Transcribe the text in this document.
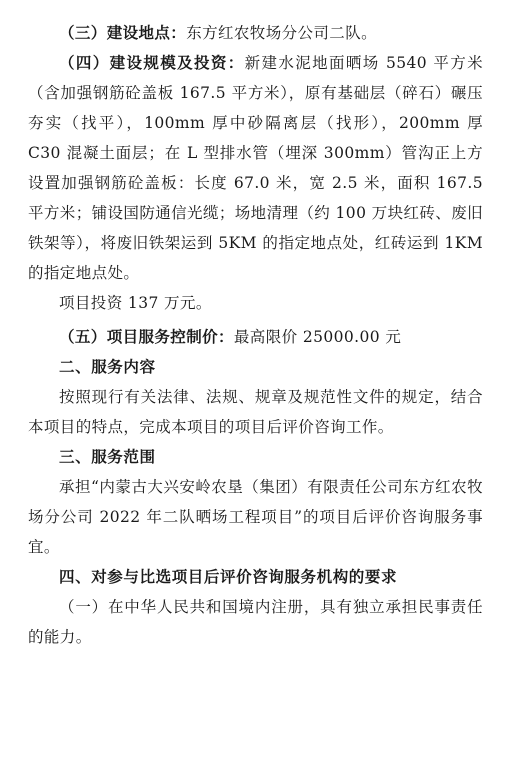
（三）建设地点：东方红农牧场分公司二队。

（四）建设规模及投资：新建水泥地面晒场 5540 平方米（含加强钢筋砼盖板 167.5 平方米），原有基础层（碎石）碾压夯实（找平），100mm 厚中砂隔离层（找形），200mm 厚 C30 混凝土面层；在 L 型排水管（埋深 300mm）管沟正上方设置加强钢筋砼盖板：长度 67.0 米，宽 2.5 米，面积 167.5 平方米；铺设国防通信光缆；场地清理（约 100 万块红砖、废旧铁架等），将废旧铁架运到 5KM 的指定地点处，红砖运到 1KM 的指定地点处。

项目投资 137 万元。

（五）项目服务控制价：最高限价 25000.00 元

二、服务内容

按照现行有关法律、法规、规章及规范性文件的规定，结合本项目的特点，完成本项目的项目后评价咨询工作。

三、服务范围

承担“内蒙古大兴安岭农垦（集团）有限责任公司东方红农牧场分公司 2022 年二队晒场工程项目”的项目后评价咨询服务事宜。

四、对参与比选项目后评价咨询服务机构的要求

（一）在中华人民共和国境内注册，具有独立承担民事责任的能力。
